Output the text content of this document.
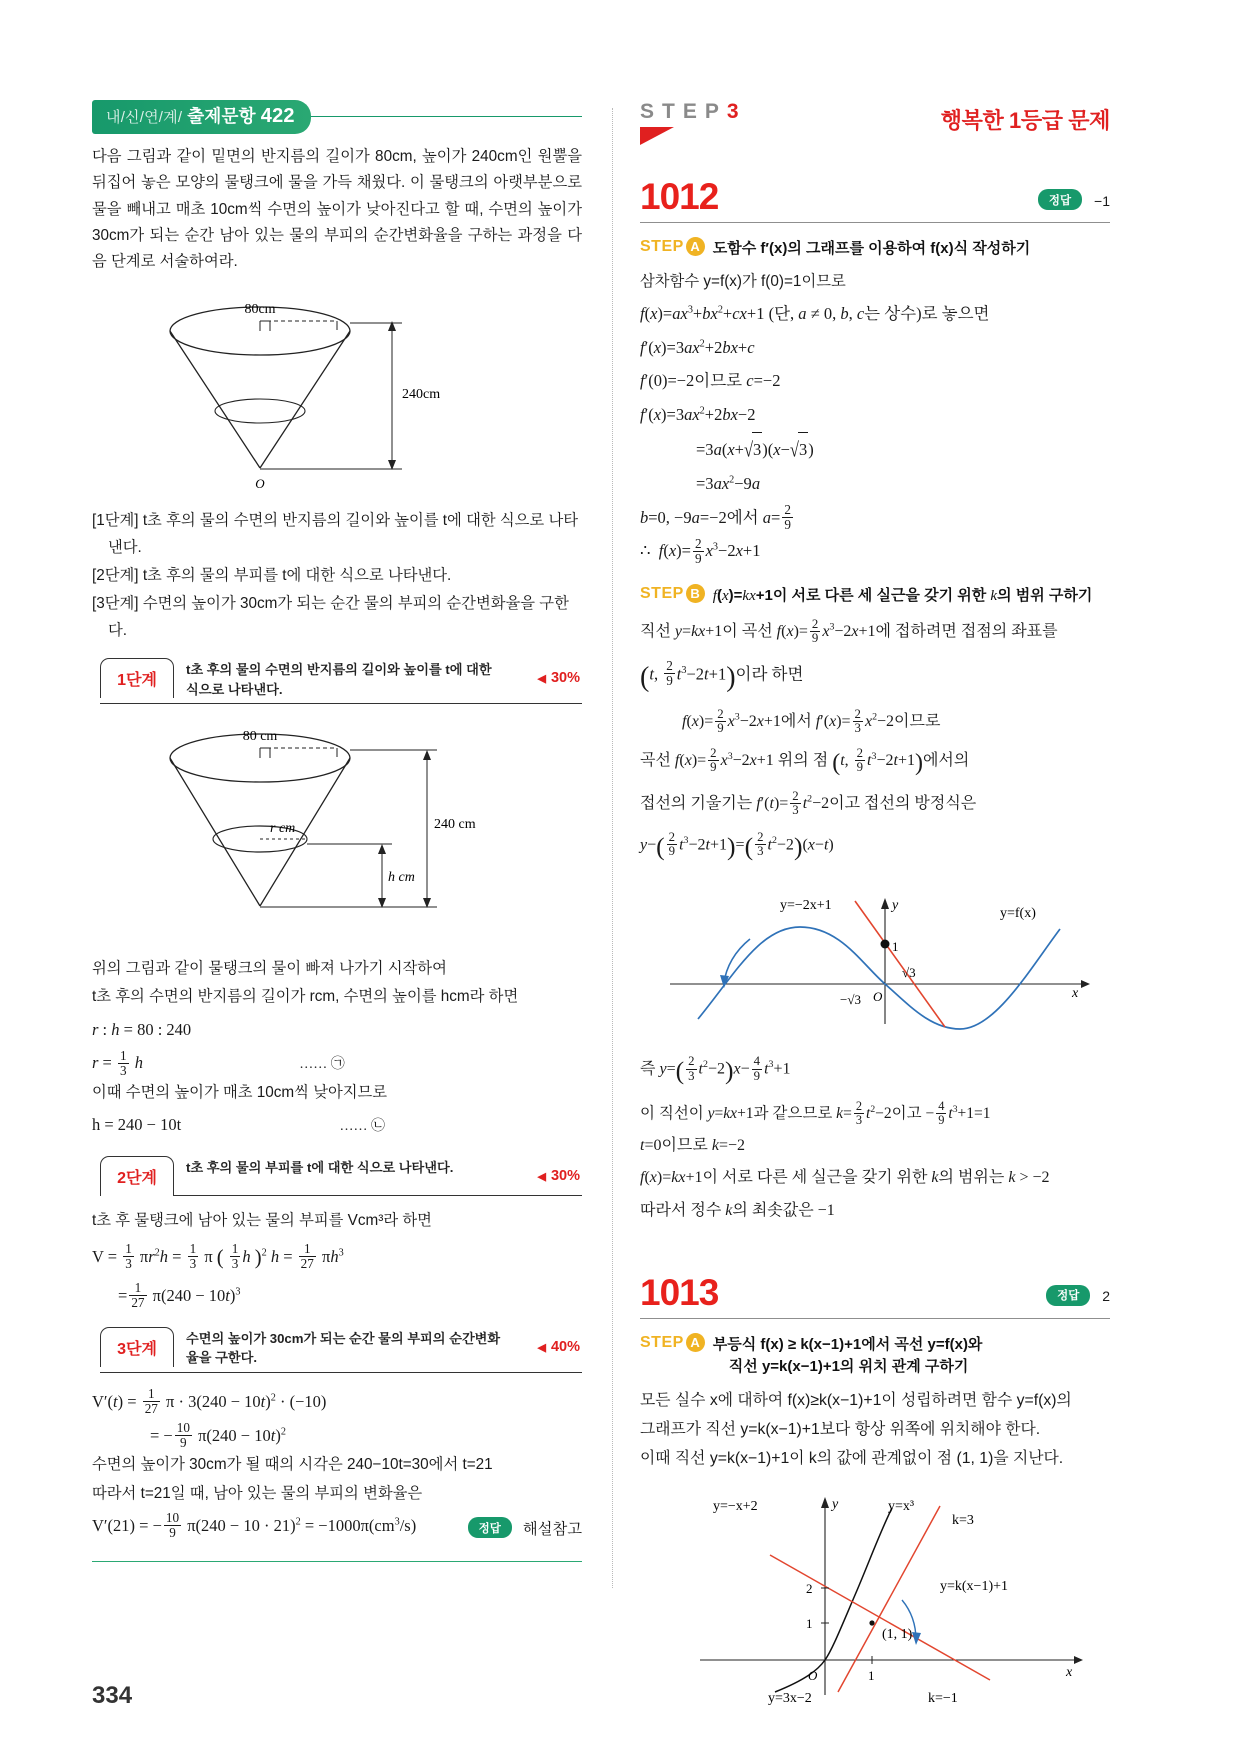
내/신/연/계/ 출제문항 422

다음 그림과 같이 밑면의 반지름의 길이가 80cm, 높이가 240cm인 원뿔을 뒤집어 놓은 모양의 물탱크에 물을 가득 채웠다. 이 물탱크의 아랫부분으로 물을 빼내고 매초 10cm씩 수면의 높이가 낮아진다고 할 때, 수면의 높이가 30cm가 되는 순간 남아 있는 물의 부피의 순간변화율을 구하는 과정을 다음 단계로 서술하여라.

80cm
240cm
O

[1단계] t초 후의 물의 수면의 반지름의 길이와 높이를 t에 대한 식으로 나타낸다.

[2단계] t초 후의 물의 부피를 t에 대한 식으로 나타낸다.

[3단계] 수면의 높이가 30cm가 되는 순간 물의 부피의 순간변화율을 구한다.

1단계
t초 후의 물의 수면의 반지름의 길이와 높이를 t에 대한 식으로 나타낸다.
◀ 30%
80 cm
r cm
h cm
240 cm

위의 그림과 같이 물탱크의 물이 빠져 나가기 시작하여

t초 후의 수면의 반지름의 길이가 rcm, 수면의 높이를 hcm라 하면

r : h = 80 : 240

$r = \frac{1}{3}$ h	…… ㉠

이때 수면의 높이가 매초 10cm씩 낮아지므로

h = 240 − 10t	…… ㉡

2단계
t초 후의 물의 부피를 t에 대한 식으로 나타낸다.
◀ 30%

t초 후 물탱크에 남아 있는 물의 부피를 Vcm³라 하면

$V = \frac{1}{3} \pi r^2h = \frac{1}{3}$ π ( $\frac{1}{3}$ h )$^2$ $h = \frac{1}{27} \pi h^3$

= $\frac{1}{27} \pi(240 - 10t)^3$

3단계
수면의 높이가 30cm가 되는 순간 물의 부피의 순간변화율을 구한다.
◀ 40%

$V'(t) = \frac{1}{27}$ $\pi \cdot 3(240 - 10t)^2 \cdot (-10)$

= − $\frac{10}{9} \pi(240 - 10t)^2$

수면의 높이가 30cm가 될 때의 시각은 240−10t=30에서 t=21

따라서 t=21일 때, 남아 있는 물의 부피의 변화율은

V′(21) = − $\frac{10}{9} \pi(240 - 10 \cdot 21)^2 = -1000\pi(cm^3/s)$	정답 해설참고
STEP3	행복한 1등급 문제
1012	정답 −1
STEP A 도함수 f′(x)의 그래프를 이용하여 f(x)식 작성하기

삼차함수 y=f(x)가 f(0)=1이므로

$f(x)=ax^3+bx^2+cx+1$ (단, a ≠ 0, b, c는 상수)로 놓으면

$f'(x)=3ax^2+2bx+c$

f′(0)=−2이므로 c=−2

$f'(x)=3ax^2+2bx-2$

=3a(x+√3)(x−√3)

$=3ax^2-9a$

b=0, −9a=−2에서 $a= \frac{2}{9}$

∴  $f(x)= \frac{2}{9} x^3-2x+1$

STEP B f(x)=kx+1이 서로 다른 세 실근을 갖기 위한 k의 범위 구하기

직선 y=kx+1이 곡선 $f(x)= \frac{2}{9} x^3-2x+1$에 접하려면 접점의 좌표를

(t, $\frac{2}{9} t^3-2t+1$)이라 하면

$f(x)= \frac{2}{9} x^3-2x+1$에서 $f'(x)= \frac{2}{3} x^2-2$이므로

곡선 $f(x)= \frac{2}{9} x^3-2x+1$ 위의 점 (t, $\frac{2}{9} t^3-2t+1$)에서의

접선의 기울기는 $f'(t)= \frac{2}{3} t^2-2$이고 접선의 방정식은

$y-( \frac{2}{9} t^3-2t+1)=( \frac{2}{3} t^2-2)(x-t)$

y=−2x+1	y
x
y=f(x)
1
√3
−√3 O

즉 $y=( \frac{2}{3} t^2-2)x- \frac{4}{9} t^3+1$

이 직선이 y=kx+1과 같으므로 $k= \frac{2}{3} t^2-2$이고 − $\frac{4}{9} t^3+1=1$

t=0이므로 k=−2

f(x)=kx+1이 서로 다른 세 실근을 갖기 위한 k의 범위는 k > −2

따라서 정수 k의 최솟값은 −1

1013	정답 2
STEP A 부등식 f(x) ≥ k(x−1)+1에서 곡선 y=f(x)와
직선 y=k(x−1)+1의 위치 관계 구하기

모든 실수 x에 대하여 f(x)≥k(x−1)+1이 성립하려면 함수 y=f(x)의

그래프가 직선 y=k(x−1)+1보다 항상 위쪽에 위치해야 한다.

이때 직선 y=k(x−1)+1이 k의 값에 관계없이 점 (1, 1)을 지난다.

y=−x+2	y	y=x³
k=3
y=k(x−1)+1
(1, 1)
2
1
1
O	x
y=3x−2	k=−1
334
